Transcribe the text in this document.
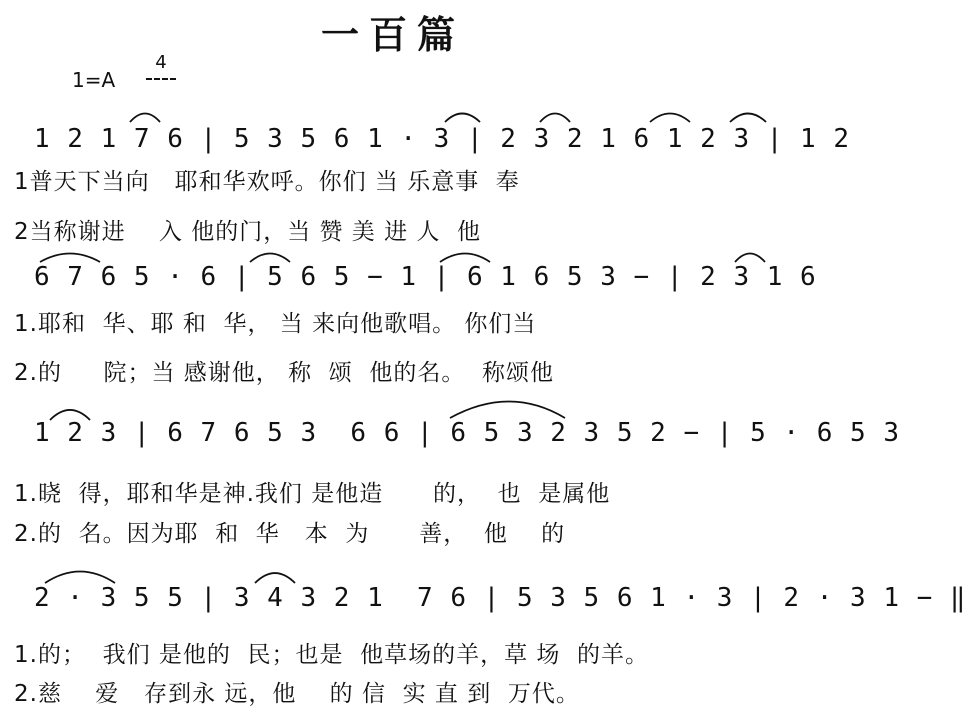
一百篇
1=A
4
1 2 1 7 6 | 5 3 5 6 1 · 3 | 2 3 2 1 6 1 2 3 | 1 2
1普天下当向   耶和华欢呼。你们 当 乐意事  奉
2当称谢进    入 他的门，当 赞 美 进 人  他
6 7 6 5 · 6 | 5 6 5 − 1 | 6 1 6 5 3 − | 2 3 1 6
1.耶和  华、耶 和  华， 当 来向他歌唱。 你们当
2.的     院；当 感谢他， 称  颂  他的名。  称颂他
1 2 3 | 6 7 6 5 3  6 6 | 6 5 3 2 3 5 2 − | 5 · 6 5 3
1.晓  得，耶和华是神.我们 是他造      的，  也  是属他
2.的  名。因为耶  和  华   本  为      善，  他    的
2 · 3 5 5 | 3 4 3 2 1  7 6 | 5 3 5 6 1 · 3 | 2 · 3 1 − ‖
1.的；  我们 是他的  民；也是  他草场的羊，草 场  的羊。
2.慈    爱   存到永 远，他    的 信  实 直 到  万代。
